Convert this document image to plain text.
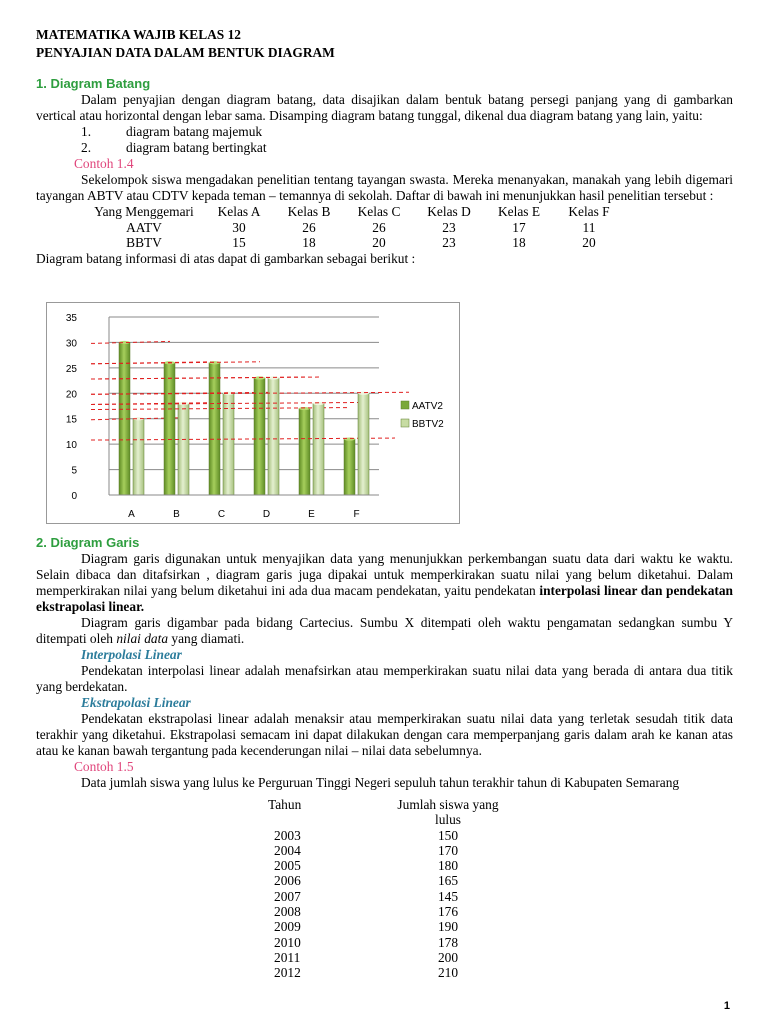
MATEMATIKA WAJIB KELAS 12
PENYAJIAN DATA DALAM BENTUK DIAGRAM
1. Diagram Batang
Dalam penyajian dengan diagram batang, data disajikan dalam bentuk batang persegi panjang yang di gambarkan vertical atau horizontal dengan lebar sama. Disamping diagram batang tunggal, dikenal dua diagram batang yang lain, yaitu:
1.	diagram batang majemuk
2.	diagram batang bertingkat
Contoh 1.4
Sekelompok siswa mengadakan penelitian tentang tayangan swasta. Mereka menanyakan, manakah yang lebih digemari tayangan ABTV atau CDTV kepada teman – temannya di sekolah. Daftar di bawah ini menunjukkan hasil penelitian tersebut :
Yang Menggemari	Kelas A	Kelas B	Kelas C	Kelas D	Kelas E	Kelas F
AATV	30	26	26	23	17	11
BBTV	15	18	20	23	18	20
Diagram batang informasi di atas dapat di gambarkan sebagai berikut :
0
5
10
15
20
25
30
35
A	B	C	D	E	F
AATV2
BBTV2
2. Diagram Garis
Diagram garis digunakan untuk menyajikan data yang menunjukkan perkembangan suatu data dari waktu ke waktu. Selain dibaca dan ditafsirkan , diagram garis juga dipakai untuk memperkirakan suatu nilai yang belum diketahui. Dalam memperkirakan nilai yang belum diketahui ini ada dua macam pendekatan, yaitu pendekatan interpolasi linear dan pendekatan ekstrapolasi linear.
Diagram garis digambar pada bidang Cartecius. Sumbu X ditempati oleh waktu pengamatan sedangkan sumbu Y ditempati oleh nilai data yang diamati.
Interpolasi Linear
Pendekatan interpolasi linear adalah menafsirkan atau memperkirakan suatu nilai data yang berada di antara dua titik yang berdekatan.
Ekstrapolasi Linear
Pendekatan ekstrapolasi linear adalah menaksir atau memperkirakan suatu nilai data yang terletak sesudah titik data terakhir yang diketahui. Ekstrapolasi semacam ini dapat dilakukan dengan cara memperpanjang garis dalam arah ke kanan atas atau ke kanan bawah tergantung pada kecenderungan nilai – nilai data sebelumnya.
Contoh 1.5
Data jumlah siswa yang lulus ke Perguruan Tinggi Negeri sepuluh tahun terakhir tahun di Kabupaten Semarang
Tahun	Jumlah siswa yang
lulus

2003	150
2004	170
2005	180
2006	165
2007	145
2008	176
2009	190
2010	178
2011	200
2012	210
1
